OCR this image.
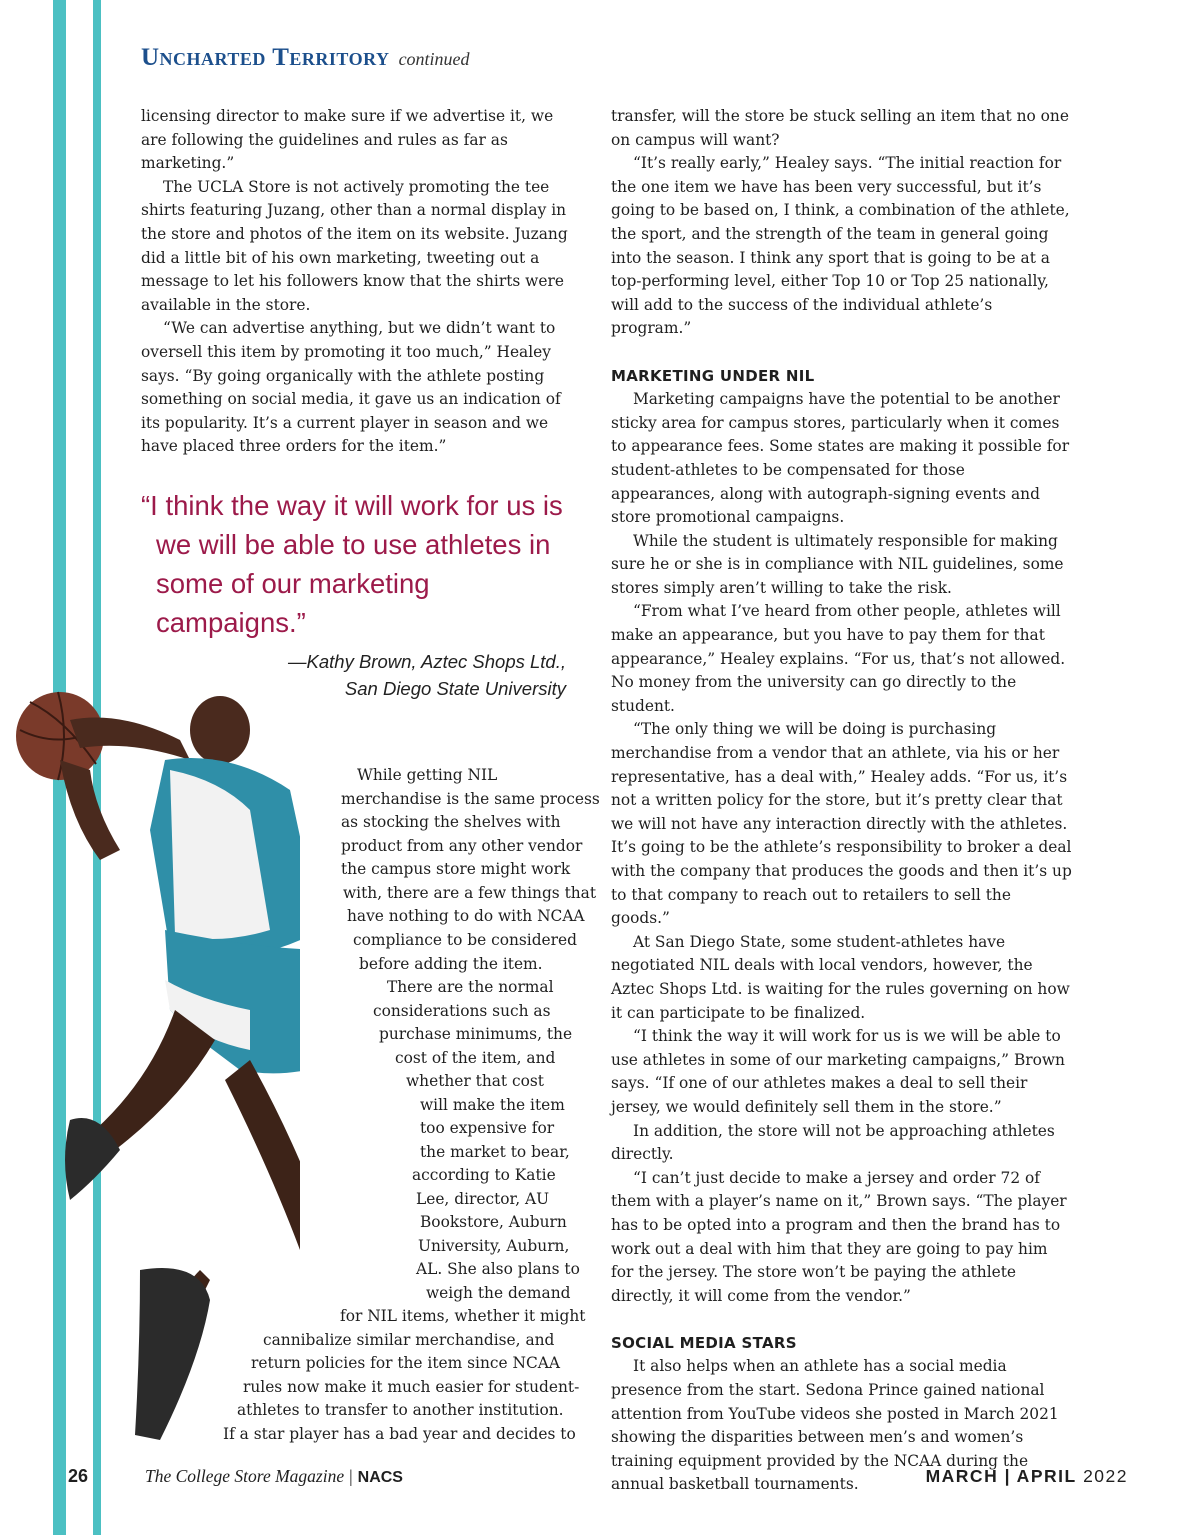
Uncharted Territory continued

licensing director to make sure if we advertise it, we are following the guidelines and rules as far as marketing.”

The UCLA Store is not actively promoting the tee shirts featuring Juzang, other than a normal display in the store and photos of the item on its website. Juzang did a little bit of his own marketing, tweeting out a message to let his followers know that the shirts were available in the store.

“We can advertise anything, but we didn’t want to oversell this item by promoting it too much,” Healey says. “By going organically with the athlete posting something on social media, it gave us an indication of its popularity. It’s a current player in season and we have placed three orders for the item.”

“I think the way it will work for us is
we will be able to use athletes in
some of our marketing campaigns.”

—Kathy Brown, Aztec Shops Ltd.,
San Diego State University

While getting NIL
merchandise is the same process
as stocking the shelves with
product from any other vendor
the campus store might work
with, there are a few things that
have nothing to do with NCAA
compliance to be considered
before adding the item.
There are the normal
considerations such as
purchase minimums, the
cost of the item, and
whether that cost
will make the item
too expensive for
the market to bear,
according to Katie
Lee, director, AU
Bookstore, Auburn
University, Auburn,
AL. She also plans to
weigh the demand
for NIL items, whether it might
cannibalize similar merchandise, and
return policies for the item since NCAA
rules now make it much easier for student-
athletes to transfer to another institution.
If a star player has a bad year and decides to

transfer, will the store be stuck selling an item that no one on campus will want?

“It’s really early,” Healey says. “The initial reaction for the one item we have has been very successful, but it’s going to be based on, I think, a combination of the athlete, the sport, and the strength of the team in general going into the season. I think any sport that is going to be at a top-performing level, either Top 10 or Top 25 nationally, will add to the success of the individual athlete’s program.”

MARKETING UNDER NIL

Marketing campaigns have the potential to be another sticky area for campus stores, particularly when it comes to appearance fees. Some states are making it possible for student-athletes to be compensated for those appearances, along with autograph-signing events and store promotional campaigns.

While the student is ultimately responsible for making sure he or she is in compliance with NIL guidelines, some stores simply aren’t willing to take the risk.

“From what I’ve heard from other people, athletes will make an appearance, but you have to pay them for that appearance,” Healey explains. “For us, that’s not allowed. No money from the university can go directly to the student.

“The only thing we will be doing is purchasing merchandise from a vendor that an athlete, via his or her representative, has a deal with,” Healey adds. “For us, it’s not a written policy for the store, but it’s pretty clear that we will not have any interaction directly with the athletes. It’s going to be the athlete’s responsibility to broker a deal with the company that produces the goods and then it’s up to that company to reach out to retailers to sell the goods.”

At San Diego State, some student-athletes have negotiated NIL deals with local vendors, however, the Aztec Shops Ltd. is waiting for the rules governing on how it can participate to be finalized.

“I think the way it will work for us is we will be able to use athletes in some of our marketing campaigns,” Brown says. “If one of our athletes makes a deal to sell their jersey, we would definitely sell them in the store.”

In addition, the store will not be approaching athletes directly.

“I can’t just decide to make a jersey and order 72 of them with a player’s name on it,” Brown says. “The player has to be opted into a program and then the brand has to work out a deal with him that they are going to pay him for the jersey. The store won’t be paying the athlete directly, it will come from the vendor.”

SOCIAL MEDIA STARS

It also helps when an athlete has a social media presence from the start. Sedona Prince gained national attention from YouTube videos she posted in March 2021 showing the disparities between men’s and women’s training equipment provided by the NCAA during the annual basketball tournaments.

26	The College Store Magazine | NACS	MARCH | APRIL 2022
